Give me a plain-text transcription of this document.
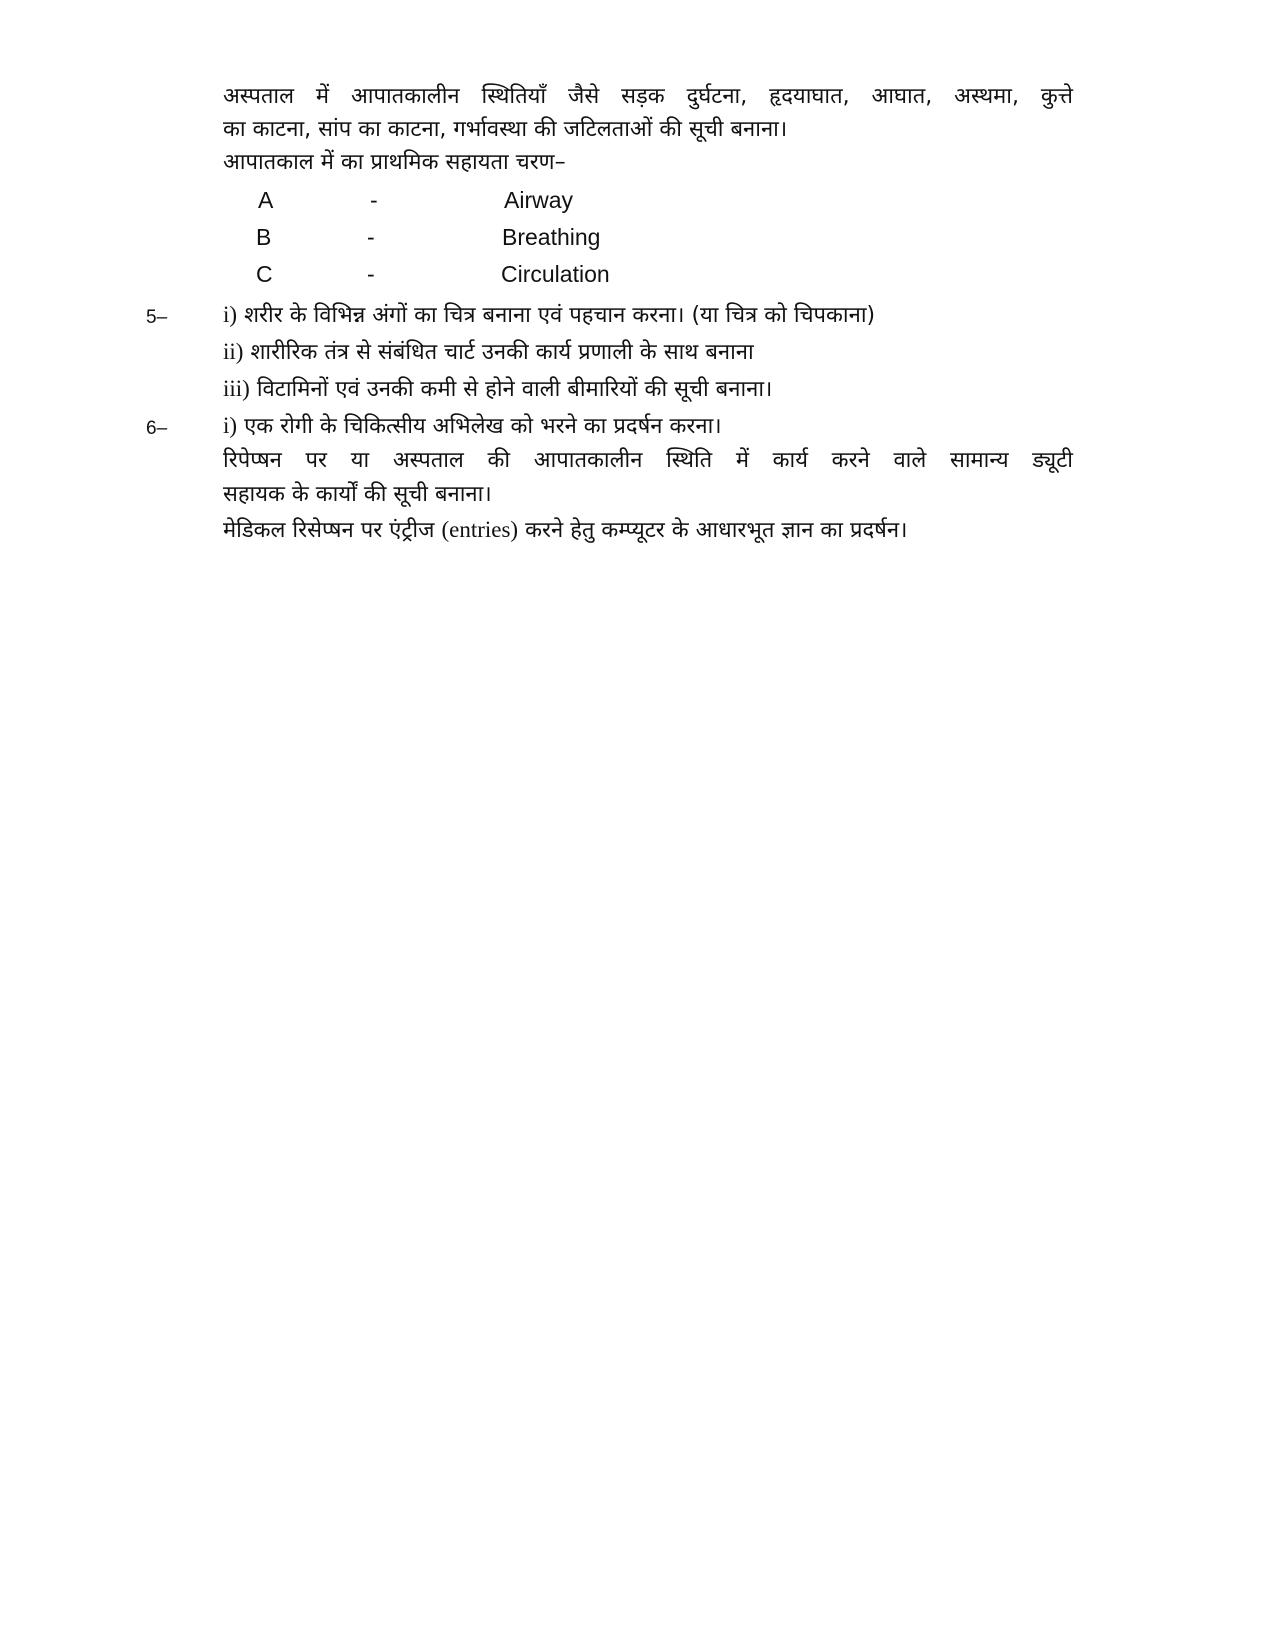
अस्पताल में आपातकालीन स्थितियाँ जैसे सड़क दुर्घटना, हृदयाघात, आघात, अस्थमा, कुत्ते
का काटना, सांप का काटना, गर्भावस्था की जटिलताओं की सूची बनाना।
आपातकाल में का प्राथमिक सहायता चरण–
A	-	Airway
B	-	Breathing
C	-	Circulation
5– i) शरीर के विभिन्न अंगों का चित्र बनाना एवं पहचान करना। (या चित्र को चिपकाना)
ii) शारीरिक तंत्र से संबंधित चार्ट उनकी कार्य प्रणाली के साथ बनाना
iii) विटामिनों एवं उनकी कमी से होने वाली बीमारियों की सूची बनाना।
6– i) एक रोगी के चिकित्सीय अभिलेख को भरने का प्रदर्षन करना।
रिपेप्षन पर या अस्पताल की आपातकालीन स्थिति में कार्य करने वाले सामान्य ड्यूटी
सहायक के कार्यों की सूची बनाना।
मेडिकल रिसेप्षन पर एंट्रीज (entries) करने हेतु कम्प्यूटर के आधारभूत ज्ञान का प्रदर्षन।
